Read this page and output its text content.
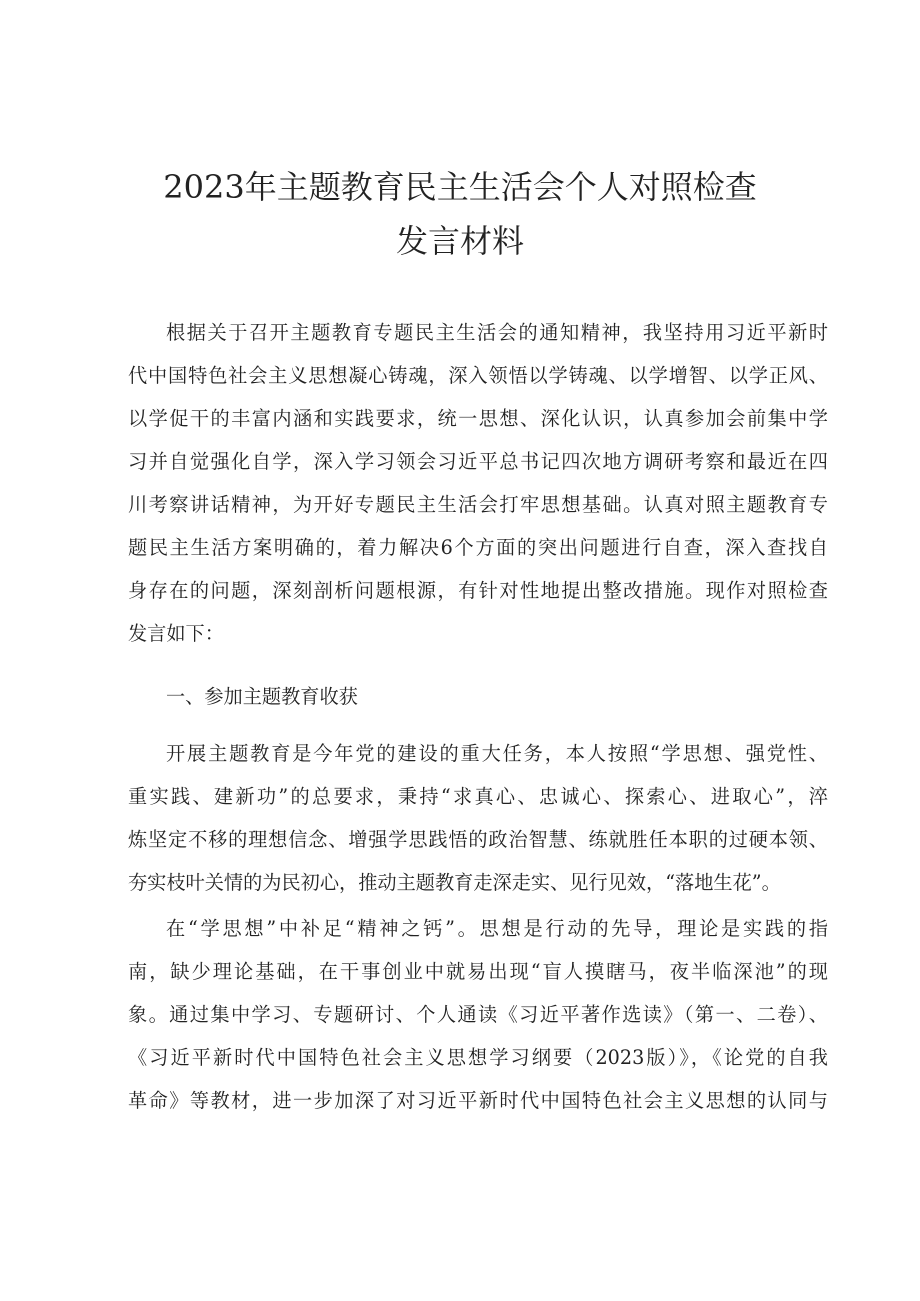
2023年主题教育民主生活会个人对照检查
发言材料
根据关于召开主题教育专题民主生活会的通知精神，我坚持用习近平新时
代中国特色社会主义思想凝心铸魂，深入领悟以学铸魂、以学增智、以学正风、
以学促干的丰富内涵和实践要求，统一思想、深化认识，认真参加会前集中学
习并自觉强化自学，深入学习领会习近平总书记四次地方调研考察和最近在四
川考察讲话精神，为开好专题民主生活会打牢思想基础。认真对照主题教育专
题民主生活方案明确的，着力解决6个方面的突出问题进行自查，深入查找自
身存在的问题，深刻剖析问题根源，有针对性地提出整改措施。现作对照检查
发言如下：
一、参加主题教育收获
开展主题教育是今年党的建设的重大任务，本人按照“学思想、强党性、
重实践、建新功”的总要求，秉持“求真心、忠诚心、探索心、进取心”，淬
炼坚定不移的理想信念、增强学思践悟的政治智慧、练就胜任本职的过硬本领、
夯实枝叶关情的为民初心，推动主题教育走深走实、见行见效，“落地生花”。
在“学思想”中补足“精神之钙”。思想是行动的先导，理论是实践的指
南，缺少理论基础，在干事创业中就易出现“盲人摸瞎马，夜半临深池”的现
象。通过集中学习、专题研讨、个人通读《习近平著作选读》（第一、二卷）、
《习近平新时代中国特色社会主义思想学习纲要（2023版）》，《论党的自我
革命》等教材，进一步加深了对习近平新时代中国特色社会主义思想的认同与
